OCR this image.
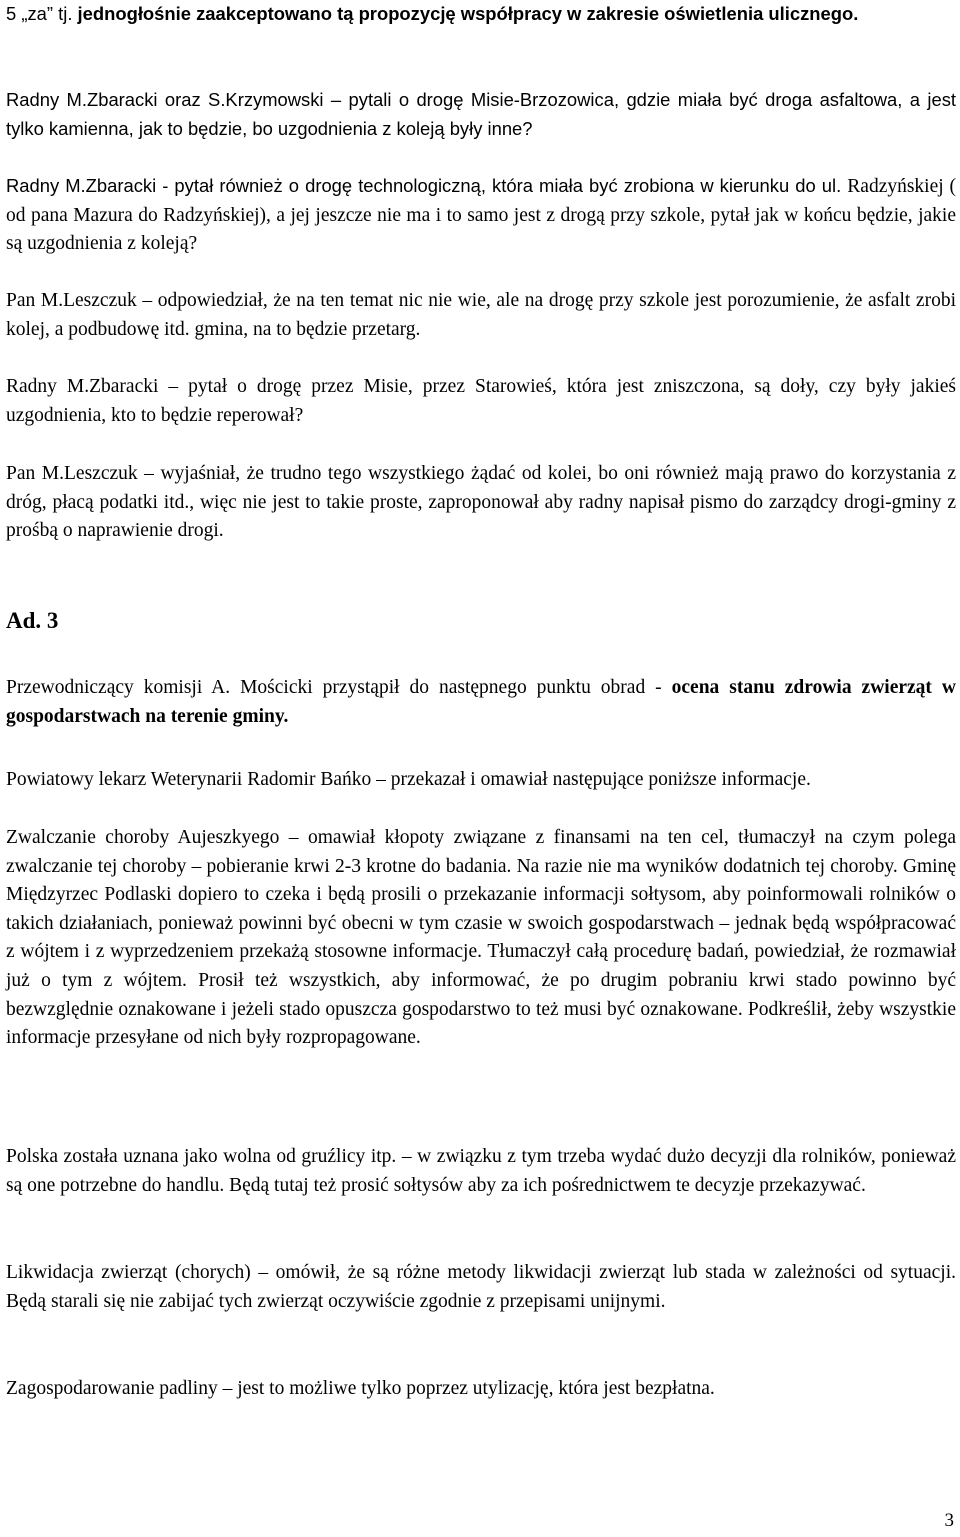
5 „za” tj. jednogłośnie zaakceptowano tą propozycję współpracy w zakresie oświetlenia ulicznego.

Radny M.Zbaracki oraz S.Krzymowski – pytali o drogę Misie-Brzozowica, gdzie miała być droga asfaltowa, a jest tylko kamienna, jak to będzie, bo uzgodnienia z koleją były inne?

Radny M.Zbaracki - pytał również o drogę technologiczną, która miała być zrobiona w kierunku do ul. Radzyńskiej ( od pana Mazura do Radzyńskiej), a jej jeszcze nie ma i to samo jest z drogą przy szkole, pytał jak w końcu będzie, jakie są uzgodnienia z koleją?

Pan M.Leszczuk – odpowiedział, że na ten temat nic nie wie, ale na drogę przy szkole jest porozumienie, że asfalt zrobi kolej, a podbudowę itd. gmina, na to będzie przetarg.

Radny M.Zbaracki – pytał o drogę przez Misie, przez Starowieś, która jest zniszczona, są doły, czy były jakieś uzgodnienia, kto to będzie reperował?

Pan M.Leszczuk – wyjaśniał, że trudno tego wszystkiego żądać od kolei, bo oni również mają prawo do korzystania z dróg, płacą podatki itd., więc nie jest to takie proste, zaproponował aby radny napisał pismo do zarządcy drogi-gminy z prośbą o naprawienie drogi.

Ad. 3

Przewodniczący komisji A. Mościcki przystąpił do następnego punktu obrad - ocena stanu zdrowia zwierząt w gospodarstwach na terenie gminy.

Powiatowy lekarz Weterynarii Radomir Bańko – przekazał i omawiał następujące poniższe informacje.

Zwalczanie choroby Aujeszkyego – omawiał kłopoty związane z finansami na ten cel, tłumaczył na czym polega zwalczanie tej choroby – pobieranie krwi 2-3 krotne do badania. Na razie nie ma wyników dodatnich tej choroby. Gminę Międzyrzec Podlaski dopiero to czeka i będą prosili o przekazanie informacji sołtysom, aby poinformowali rolników o takich działaniach, ponieważ powinni być obecni w tym czasie w swoich gospodarstwach – jednak będą współpracować z wójtem i z wyprzedzeniem przekażą stosowne informacje. Tłumaczył całą procedurę badań, powiedział, że rozmawiał już o tym z wójtem. Prosił też wszystkich, aby informować, że po drugim pobraniu krwi stado powinno być bezwzględnie oznakowane i jeżeli stado opuszcza gospodarstwo to też musi być oznakowane. Podkreślił, żeby wszystkie informacje przesyłane od nich były rozpropagowane.

Polska została uznana jako wolna od gruźlicy itp. – w związku z tym trzeba wydać dużo decyzji dla rolników, ponieważ są one potrzebne do handlu. Będą tutaj też prosić sołtysów aby za ich pośrednictwem te decyzje przekazywać.

Likwidacja zwierząt (chorych) – omówił, że są różne metody likwidacji zwierząt lub stada w zależności od sytuacji. Będą starali się nie zabijać tych zwierząt oczywiście zgodnie z przepisami unijnymi.

Zagospodarowanie padliny – jest to możliwe tylko poprzez utylizację, która jest bezpłatna.

3
